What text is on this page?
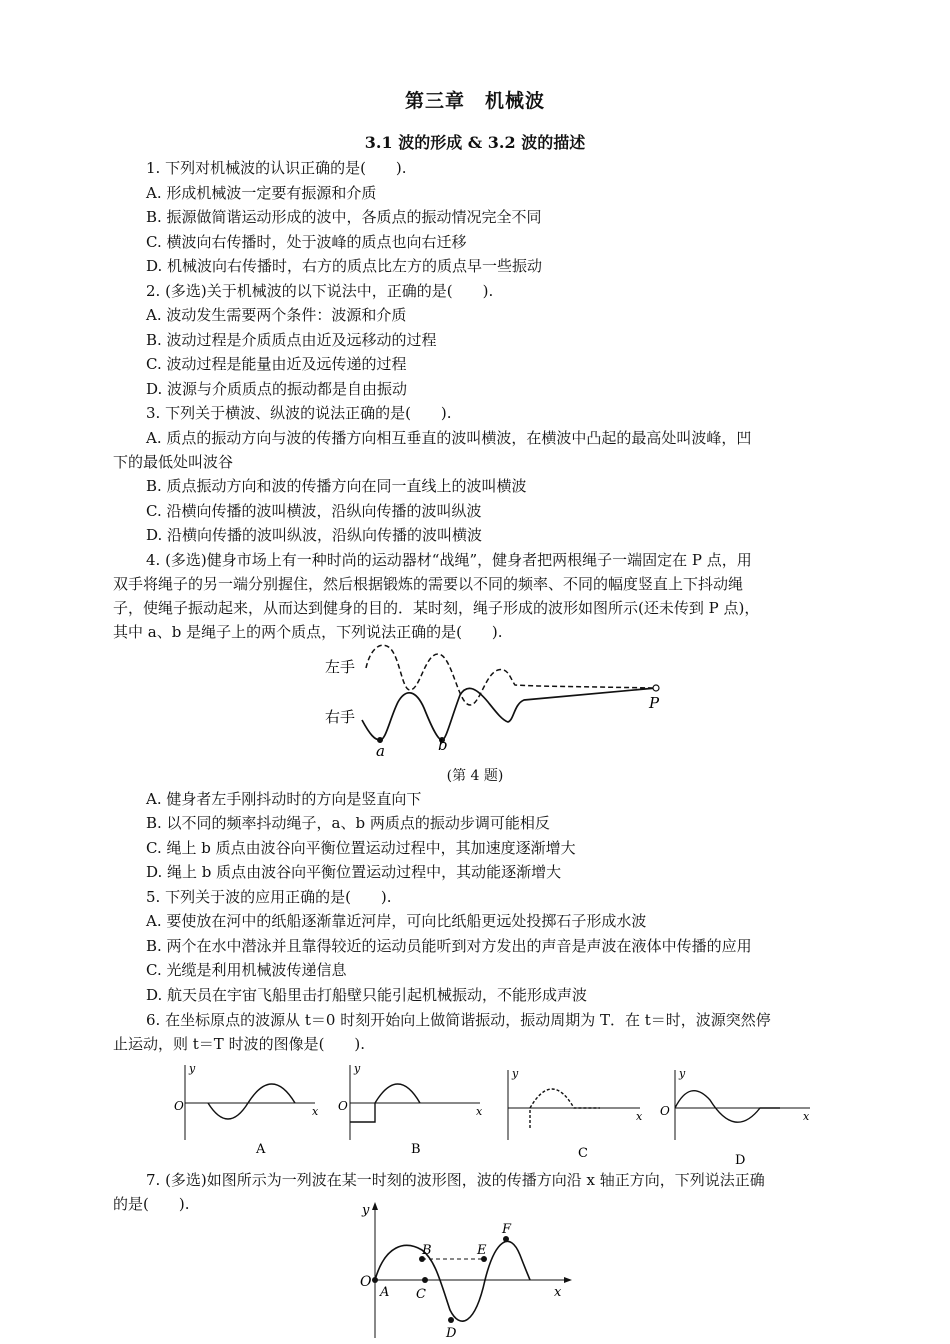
第三章　机械波
3.1 波的形成 & 3.2 波的描述
1. 下列对机械波的认识正确的是(　　).
A. 形成机械波一定要有振源和介质
B. 振源做简谐运动形成的波中，各质点的振动情况完全不同
C. 横波向右传播时，处于波峰的质点也向右迁移
D. 机械波向右传播时，右方的质点比左方的质点早一些振动
2. (多选)关于机械波的以下说法中，正确的是(　　).
A. 波动发生需要两个条件：波源和介质
B. 波动过程是介质质点由近及远移动的过程
C. 波动过程是能量由近及远传递的过程
D. 波源与介质质点的振动都是自由振动
3. 下列关于横波、纵波的说法正确的是(　　).
A. 质点的振动方向与波的传播方向相互垂直的波叫横波，在横波中凸起的最高处叫波峰，凹
下的最低处叫波谷
B. 质点振动方向和波的传播方向在同一直线上的波叫横波
C. 沿横向传播的波叫横波，沿纵向传播的波叫纵波
D. 沿横向传播的波叫纵波，沿纵向传播的波叫横波
4. (多选)健身市场上有一种时尚的运动器材“战绳”，健身者把两根绳子一端固定在 P 点，用
双手将绳子的另一端分别握住，然后根据锻炼的需要以不同的频率、不同的幅度竖直上下抖动绳
子，使绳子振动起来，从而达到健身的目的．某时刻，绳子形成的波形如图所示(还未传到 P 点)，
其中 a、b 是绳子上的两个质点，下列说法正确的是(　　).
左手
右手
a	b
P
(第 4 题)
A. 健身者左手刚抖动时的方向是竖直向下
B. 以不同的频率抖动绳子，a、b 两质点的振动步调可能相反
C. 绳上 b 质点由波谷向平衡位置运动过程中，其加速度逐渐增大
D. 绳上 b 质点由波谷向平衡位置运动过程中，其动能逐渐增大
5. 下列关于波的应用正确的是(　　).
A. 要使放在河中的纸船逐渐靠近河岸，可向比纸船更远处投掷石子形成水波
B. 两个在水中潜泳并且靠得较近的运动员能听到对方发出的声音是声波在液体中传播的应用
C. 光缆是利用机械波传递信息
D. 航天员在宇宙飞船里击打船壁只能引起机械振动，不能形成声波
6. 在坐标原点的波源从 t＝0 时刻开始向上做简谐振动，振动周期为 T．在 t＝时，波源突然停
止运动，则 t＝T 时波的图像是(　　).
O
y
x
A
O
y
x
B
y
x
C
O
y
x
D
7. (多选)如图所示为一列波在某一时刻的波形图，波的传播方向沿 x 轴正方向，下列说法正确
的是(　　).	y
x
O
A
B
C
D
E
F
